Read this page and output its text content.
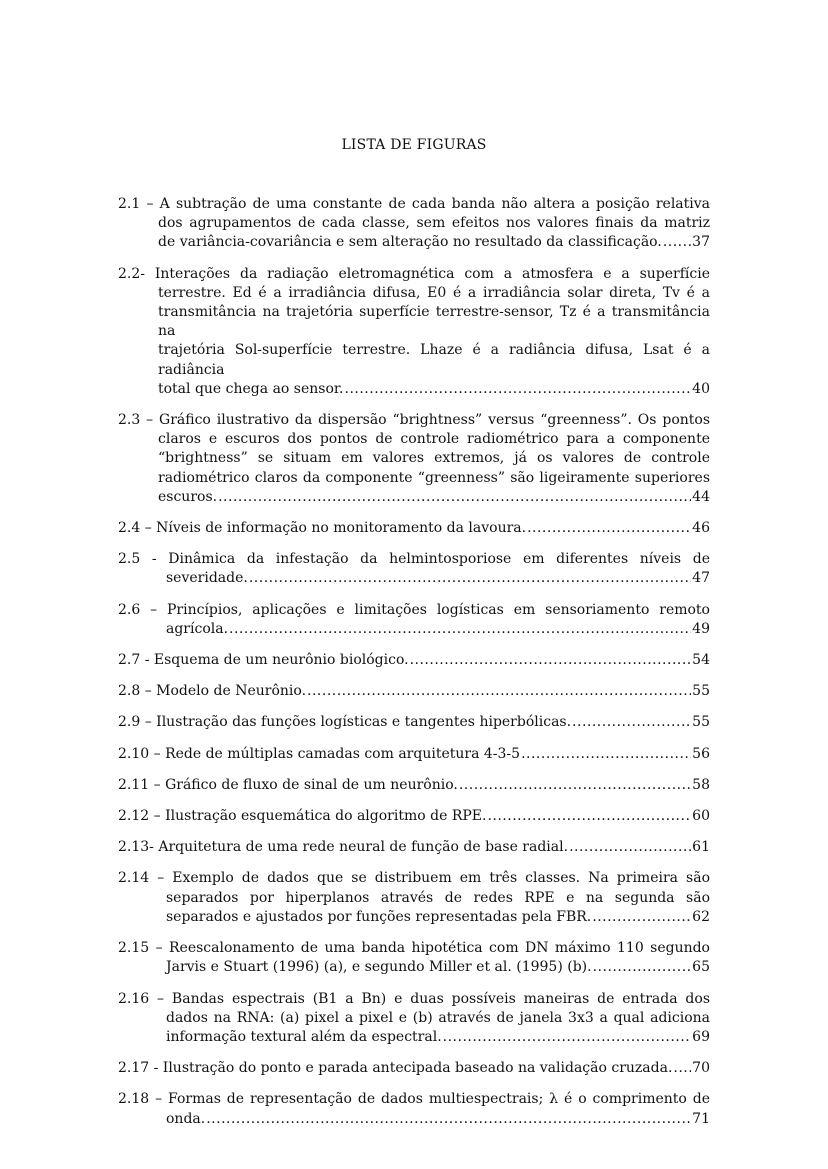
LISTA DE FIGURAS
2.1 – A subtração de uma constante de cada banda não altera a posição relativa
dos agrupamentos de cada classe, sem efeitos nos valores finais da matriz
de variância-covariância e sem alteração no resultado da classificação. ..... 37
2.2- Interações da radiação eletromagnética com a atmosfera e a superfície
terrestre. Ed é a irradiância difusa, E0 é a irradiância solar direta, Tv é a
transmitância na trajetória superfície terrestre-sensor, Tz é a transmitância na
trajetória Sol-superfície terrestre. Lhaze é a radiância difusa, Lsat é a radiância
total que chega ao sensor. .....	40
2.3 – Gráfico ilustrativo da dispersão “brightness” versus “greenness”. Os pontos
claros e escuros dos pontos de controle radiométrico para a componente
“brightness” se situam em valores extremos, já os valores de controle
radiométrico claros da componente “greenness” são ligeiramente superiores
escuros. .....	44
2.4 – Níveis de informação no monitoramento da lavoura. .....	46
2.5 - Dinâmica da infestação da helmintosporiose em diferentes níveis de
severidade. .....	47
2.6 – Princípios, aplicações e limitações logísticas em sensoriamento remoto
agrícola. .....	49
2.7 - Esquema de um neurônio biológico. .....	54
2.8 – Modelo de Neurônio. .....	55
2.9 – Ilustração das funções logísticas e tangentes hiperbólicas. .....	55
2.10 – Rede de múltiplas camadas com arquitetura 4-3-5 .....	56
2.11 – Gráfico de fluxo de sinal de um neurônio. .....	58
2.12 – Ilustração esquemática do algoritmo de RPE. .....	60
2.13- Arquitetura de uma rede neural de função de base radial. .....	61
2.14 – Exemplo de dados que se distribuem em três classes. Na primeira são
separados por hiperplanos através de redes RPE e na segunda são
separados e ajustados por funções representadas pela FBR. .....	62
2.15 – Reescalonamento de uma banda hipotética com DN máximo 110 segundo
Jarvis e Stuart (1996) (a), e segundo Miller et al. (1995) (b). .....	65
2.16 – Bandas espectrais (B1 a Bn) e duas possíveis maneiras de entrada dos
dados na RNA: (a) pixel a pixel e (b) através de janela 3x3 a qual adiciona
informação textural além da espectral. .....	69
2.17 - Ilustração do ponto e parada antecipada baseado na validação cruzada. ..... 70
2.18 – Formas de representação de dados multiespectrais; λ é o comprimento de
onda. .....	71
